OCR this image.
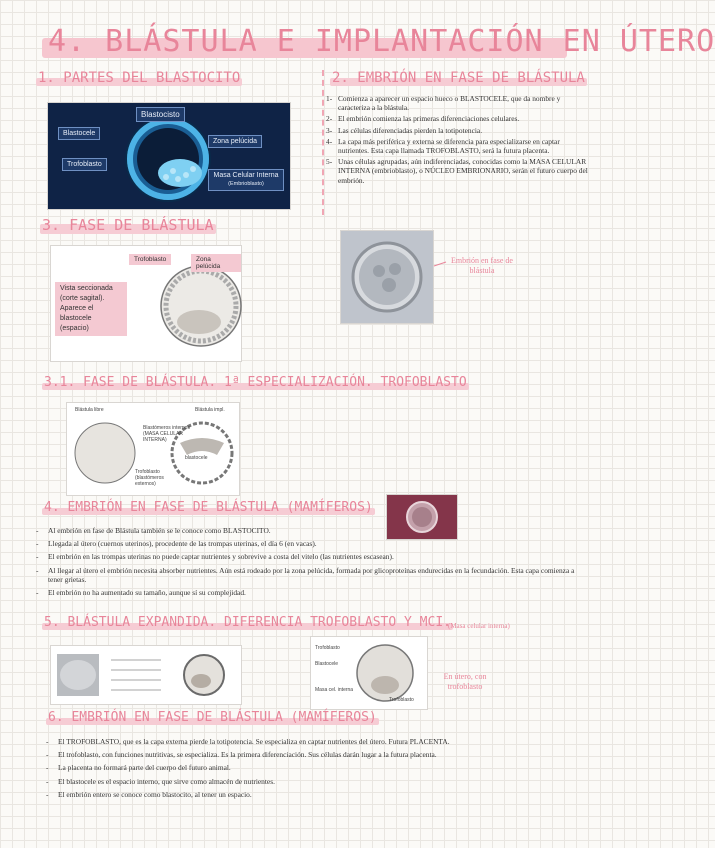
4. BLÁSTULA E IMPLANTACIÓN EN ÚTERO
1. PARTES DEL BLASTOCITO	2. EMBRIÓN EN FASE DE BLÁSTULA
Blastocisto
Blastocele
Trofoblasto
Zona pelúcida
Masa Celular Interna
(Embrioblasto)
1- Comienza a aparecer un espacio hueco o BLASTOCELE, que da nombre y caracteriza a la blástula.
2- El embrión comienza las primeras diferenciaciones celulares.
3- Las células diferenciadas pierden la totipotencia.
4- La capa más periférica y externa se diferencia para especializarse en captar nutrientes. Esta capa llamada TROFOBLASTO, será la futura placenta.
5- Unas células agrupadas, aún indiferenciadas, conocidas como la MASA CELULAR INTERNA (embrioblasto), o NÚCLEO EMBRIONARIO, serán el futuro cuerpo del embrión.
3. FASE DE BLÁSTULA
Embrión en fase de blástula
Trofoblasto	Zona pelúcida
Vista seccionada (corte sagital). Aparece el blastocele (espacio)
3.1. FASE DE BLÁSTULA. 1ª ESPECIALIZACIÓN. TROFOBLASTO
Blástula libre	Blástula impl.
Blastómeros internos (MASA CELULAR INTERNA)
blastocele
Trofoblasto (blastómeros externos)
4. EMBRIÓN EN FASE DE BLÁSTULA (MAMÍFEROS)
- Al embrión en fase de Blástula también se le conoce como BLASTOCITO.
- Llegada al útero (cuernos uterinos), procedente de las trompas uterinas, el día 6 (en vacas).
- El embrión en las trompas uterinas no puede captar nutrientes y sobrevive a costa del vitelo (las nutrientes escasean).
- Al llegar al útero el embrión necesita absorber nutrientes. Aún está rodeado por la zona pelúcida, formada por glicoproteínas endurecidas en la fecundación. Esta capa comienza a tener grietas.
- El embrión no ha aumentado su tamaño, aunque sí su complejidad.
5. BLÁSTULA EXPANDIDA. DIFERENCIA TROFOBLASTO Y MCI.
(Masa celular interna)
Trofoblasto
Blastocele
Masa cel. interna
Trofoblasto
En útero, con trofoblasto
6. EMBRIÓN EN FASE DE BLÁSTULA (MAMÍFEROS)
- El TROFOBLASTO, que es la capa externa pierde la totipotencia. Se especializa en captar nutrientes del útero. Futura PLACENTA.
- El trofoblasto, con funciones nutritivas, se especializa. Es la primera diferenciación. Sus células darán lugar a la futura placenta.
- La placenta no formará parte del cuerpo del futuro animal.
- El blastocele es el espacio interno, que sirve como almacén de nutrientes.
- El embrión entero se conoce como blastocito, al tener un espacio.
